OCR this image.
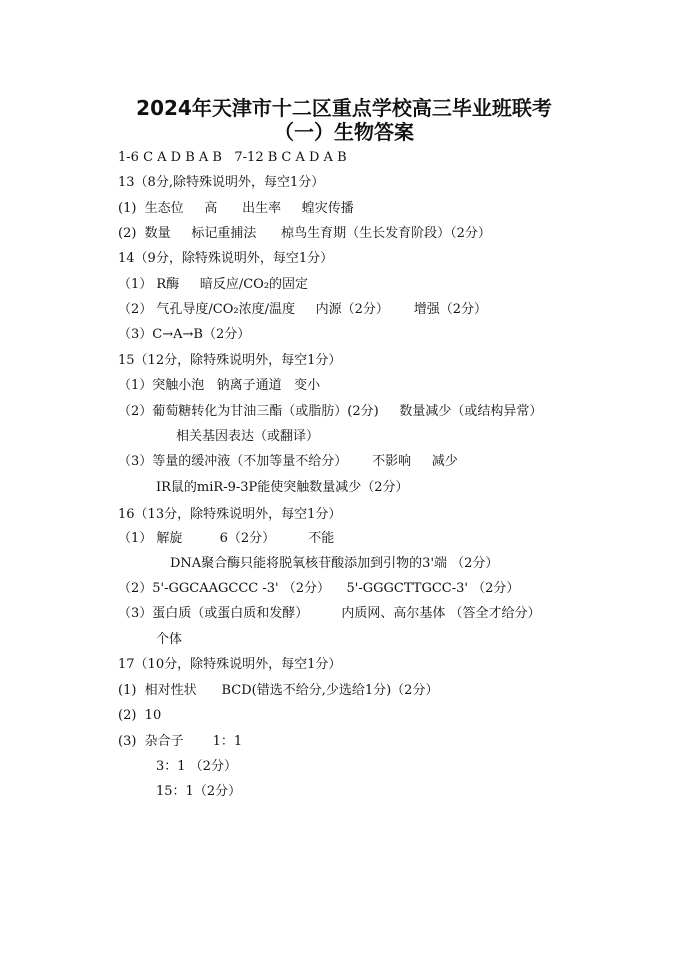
2024年天津市十二区重点学校高三毕业班联考
（一）生物答案

1-6 C A D B A B   7-12 B C A D A B

13（8分,除特殊说明外，每空1分）

(1)  生态位     高      出生率     蝗灾传播

(2)  数量     标记重捕法      椋鸟生育期（生长发育阶段）（2分）

14（9分，除特殊说明外，每空1分）

（1） R酶     暗反应/CO₂的固定

（2） 气孔导度/CO₂浓度/温度     内源（2分）      增强（2分）

（3）C→A→B（2分）

15（12分，除特殊说明外，每空1分）

（1）突触小泡   钠离子通道   变小

（2）葡萄糖转化为甘油三酯（或脂肪）(2分)     数量减少（或结构异常）

相关基因表达（或翻译）

（3）等量的缓冲液（不加等量不给分）      不影响     减少

IR鼠的miR-9-3P能使突触数量减少（2分）

16（13分，除特殊说明外，每空1分）

（1） 解旋         6（2分）        不能

DNA聚合酶只能将脱氧核苷酸添加到引物的3'端 （2分）

（2）5'-GGCAAGCCC -3' （2分）    5'-GGGCTTGCC-3' （2分）

（3）蛋白质（或蛋白质和发酵）        内质网、高尔基体 （答全才给分）

个体

17（10分，除特殊说明外，每空1分）

(1)  相对性状      BCD(错选不给分,少选给1分)（2分）

(2)  10

(3)  杂合子       1：1

3：1 （2分）

15：1（2分）
